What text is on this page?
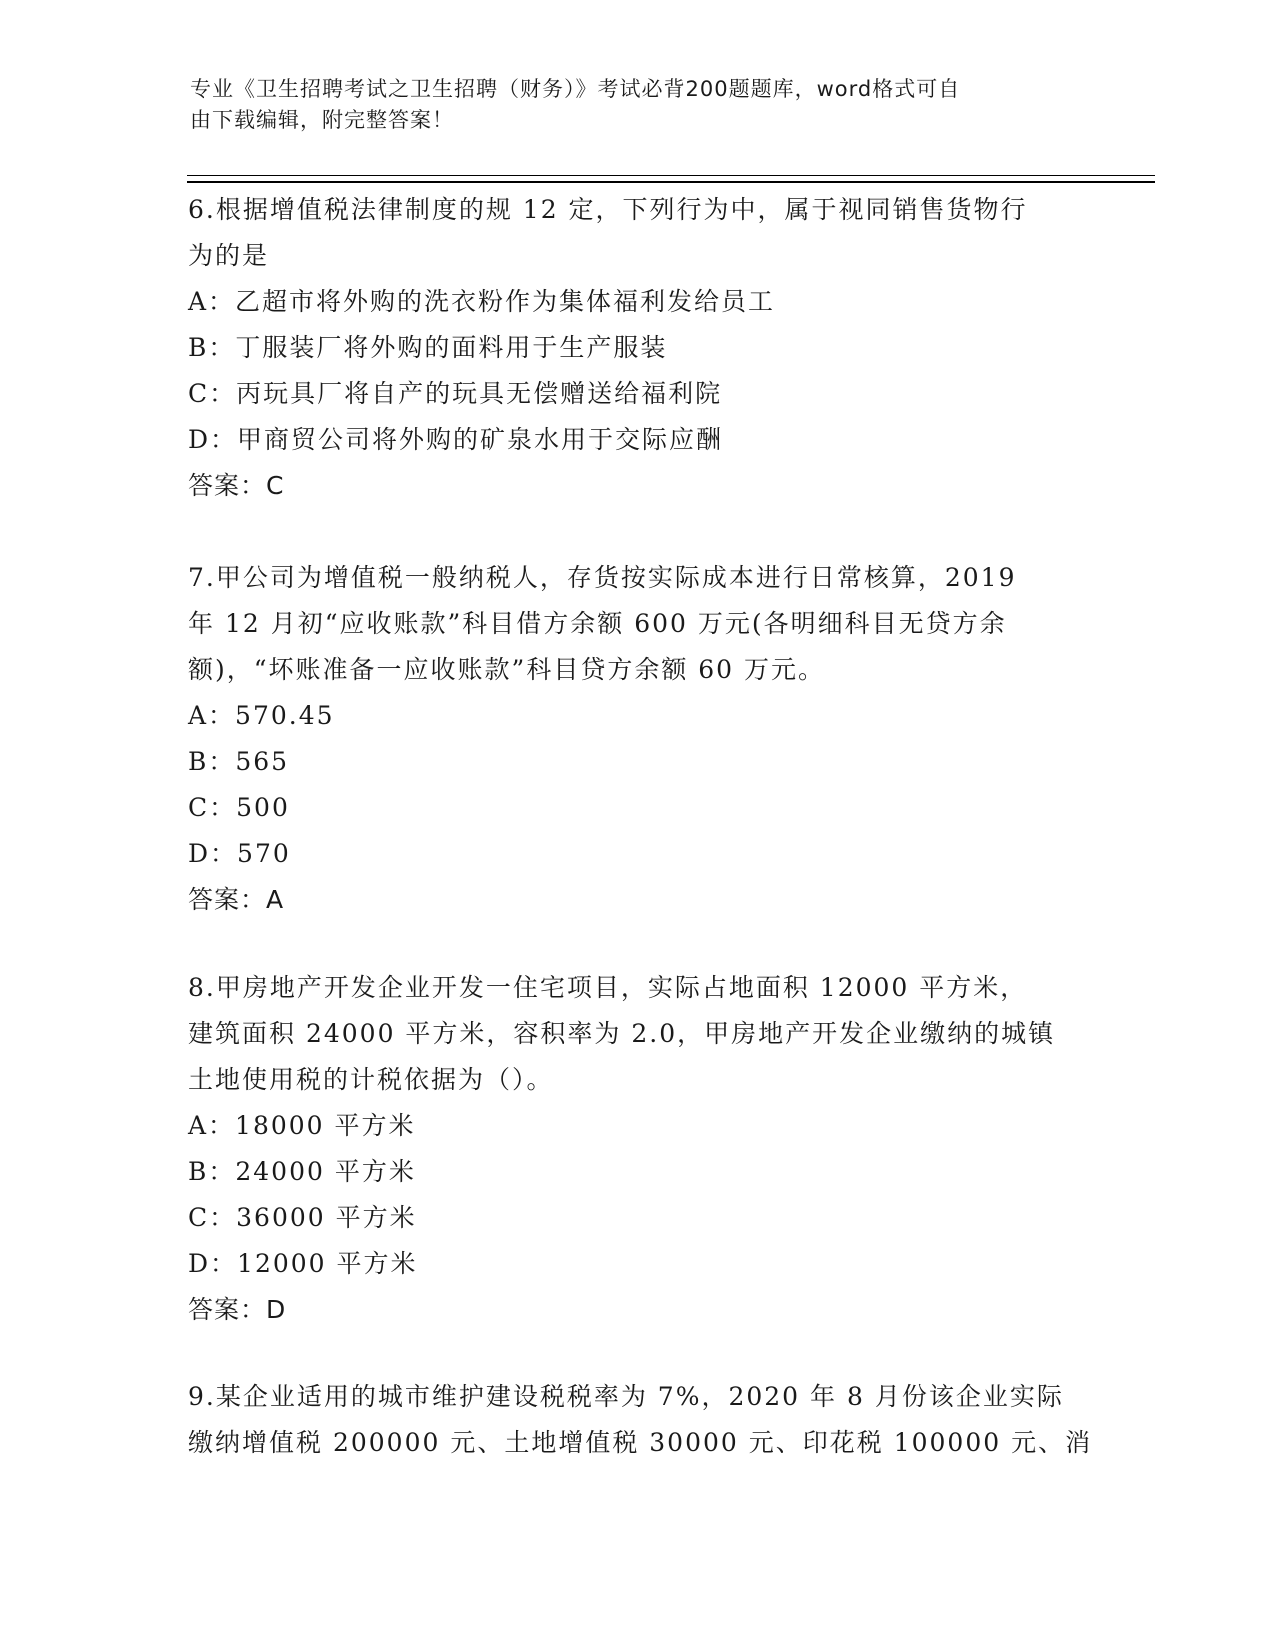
专业《卫生招聘考试之卫生招聘（财务）》考试必背200题题库，word格式可自
由下载编辑，附完整答案！
6.根据增值税法律制度的规 12 定，下列行为中，属于视同销售货物行
为的是
A：乙超市将外购的洗衣粉作为集体福利发给员工
B：丁服装厂将外购的面料用于生产服装
C：丙玩具厂将自产的玩具无偿赠送给福利院
D：甲商贸公司将外购的矿泉水用于交际应酬
答案：C
7.甲公司为增值税一般纳税人，存货按实际成本进行日常核算，2019
年 12 月初“应收账款”科目借方余额 600 万元(各明细科目无贷方余
额)，“坏账准备一应收账款”科目贷方余额 60 万元。
A：570.45
B：565
C：500
D：570
答案：A
8.甲房地产开发企业开发一住宅项目，实际占地面积 12000 平方米，
建筑面积 24000 平方米，容积率为 2.0，甲房地产开发企业缴纳的城镇
土地使用税的计税依据为（）。
A：18000 平方米
B：24000 平方米
C：36000 平方米
D：12000 平方米
答案：D
9.某企业适用的城市维护建设税税率为 7%，2020 年 8 月份该企业实际
缴纳增值税 200000 元、土地增值税 30000 元、印花税 100000 元、消
